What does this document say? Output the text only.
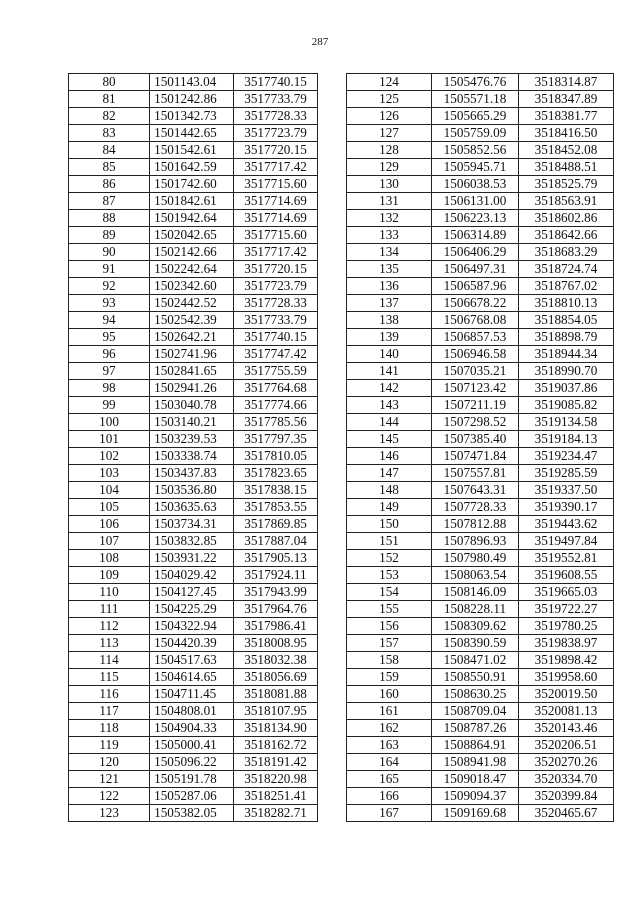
287
80	1501143.04	3517740.15
81	1501242.86	3517733.79
82	1501342.73	3517728.33
83	1501442.65	3517723.79
84	1501542.61	3517720.15
85	1501642.59	3517717.42
86	1501742.60	3517715.60
87	1501842.61	3517714.69
88	1501942.64	3517714.69
89	1502042.65	3517715.60
90	1502142.66	3517717.42
91	1502242.64	3517720.15
92	1502342.60	3517723.79
93	1502442.52	3517728.33
94	1502542.39	3517733.79
95	1502642.21	3517740.15
96	1502741.96	3517747.42
97	1502841.65	3517755.59
98	1502941.26	3517764.68
99	1503040.78	3517774.66
100	1503140.21	3517785.56
101	1503239.53	3517797.35
102	1503338.74	3517810.05
103	1503437.83	3517823.65
104	1503536.80	3517838.15
105	1503635.63	3517853.55
106	1503734.31	3517869.85
107	1503832.85	3517887.04
108	1503931.22	3517905.13
109	1504029.42	3517924.11
110	1504127.45	3517943.99
111	1504225.29	3517964.76
112	1504322.94	3517986.41
113	1504420.39	3518008.95
114	1504517.63	3518032.38
115	1504614.65	3518056.69
116	1504711.45	3518081.88
117	1504808.01	3518107.95
118	1504904.33	3518134.90
119	1505000.41	3518162.72
120	1505096.22	3518191.42
121	1505191.78	3518220.98
122	1505287.06	3518251.41
123	1505382.05	3518282.71
124	1505476.76	3518314.87
125	1505571.18	3518347.89
126	1505665.29	3518381.77
127	1505759.09	3518416.50
128	1505852.56	3518452.08
129	1505945.71	3518488.51
130	1506038.53	3518525.79
131	1506131.00	3518563.91
132	1506223.13	3518602.86
133	1506314.89	3518642.66
134	1506406.29	3518683.29
135	1506497.31	3518724.74
136	1506587.96	3518767.02
137	1506678.22	3518810.13
138	1506768.08	3518854.05
139	1506857.53	3518898.79
140	1506946.58	3518944.34
141	1507035.21	3518990.70
142	1507123.42	3519037.86
143	1507211.19	3519085.82
144	1507298.52	3519134.58
145	1507385.40	3519184.13
146	1507471.84	3519234.47
147	1507557.81	3519285.59
148	1507643.31	3519337.50
149	1507728.33	3519390.17
150	1507812.88	3519443.62
151	1507896.93	3519497.84
152	1507980.49	3519552.81
153	1508063.54	3519608.55
154	1508146.09	3519665.03
155	1508228.11	3519722.27
156	1508309.62	3519780.25
157	1508390.59	3519838.97
158	1508471.02	3519898.42
159	1508550.91	3519958.60
160	1508630.25	3520019.50
161	1508709.04	3520081.13
162	1508787.26	3520143.46
163	1508864.91	3520206.51
164	1508941.98	3520270.26
165	1509018.47	3520334.70
166	1509094.37	3520399.84
167	1509169.68	3520465.67
